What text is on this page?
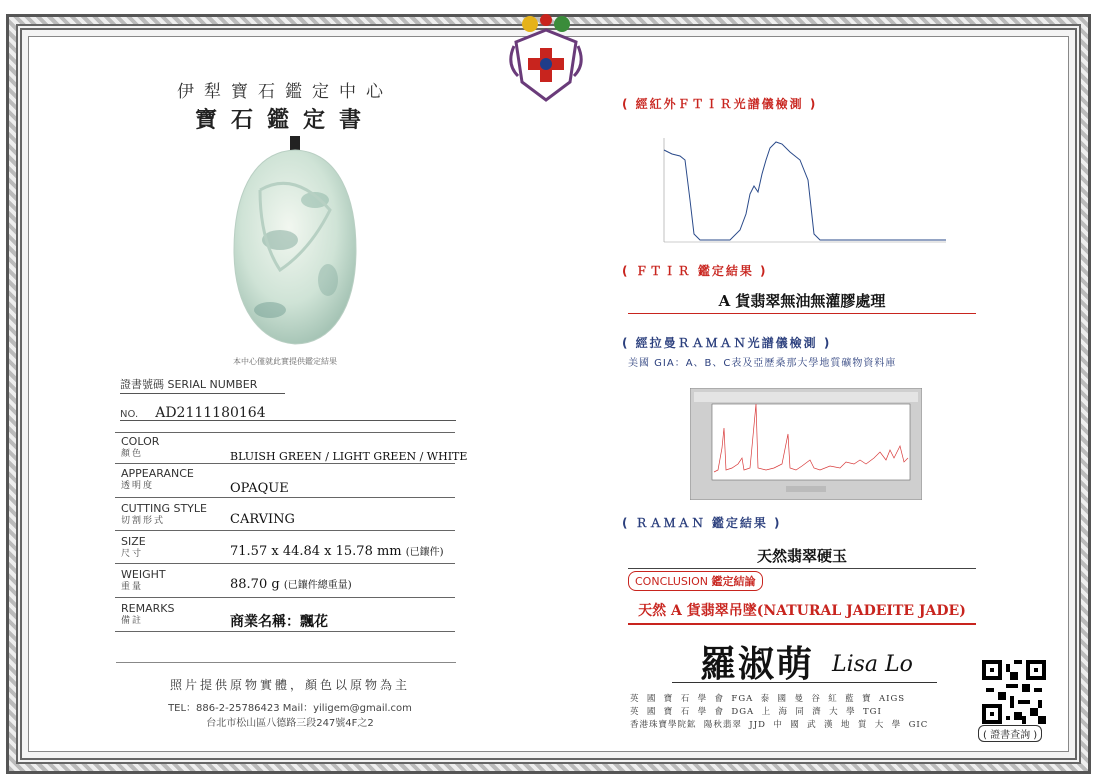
伊犁寶石鑑定中心
寶石鑑定書
本中心僅就此實提供鑑定結果
證書號碼 SERIAL NUMBER
NO. AD2111180164
COLOR
顏色	BLUISH GREEN / LIGHT GREEN / WHITE
APPEARANCE
透明度	OPAQUE
CUTTING STYLE
切割形式	CARVING
SIZE
尺寸	71.57 x 44.84 x 15.78 mm (已鑲件)
WEIGHT
重量	88.70 g (已鑲件總重量)
REMARKS
備註	商業名稱：飄花
照片提供原物實體，顏色以原物為主
TEL：886-2-25786423 Mail：yiligem@gmail.com
台北市松山區八德路三段247號4F之2
( 經紅外ＦＴＩＲ光譜儀檢測 )
( ＦＴＩＲ 鑑定結果 )
A 貨翡翠無油無灌膠處理
( 經拉曼ＲＡＭＡＮ光譜儀檢測 )
美國 GIA：A、B、C表及亞歷桑那大學地質礦物資料庫
( ＲＡＭＡＮ 鑑定結果 )
天然翡翠硬玉
CONCLUSION 鑑定結論
天然 A 貨翡翠吊墜(NATURAL JADEITE JADE)
羅淑萌 Lisa Lo
英  國  寶  石  學  會  FGA  泰  國  曼  谷  紅  藍  寶  AIGS
英  國  寶  石  學  會  DGA  上  海  同  濟  大  學  TGI
香港珠寶學院鉱  陽秋翡翠  JJD  中  國  武  漢  地  質  大  學  GIC
( 證書查詢 )
